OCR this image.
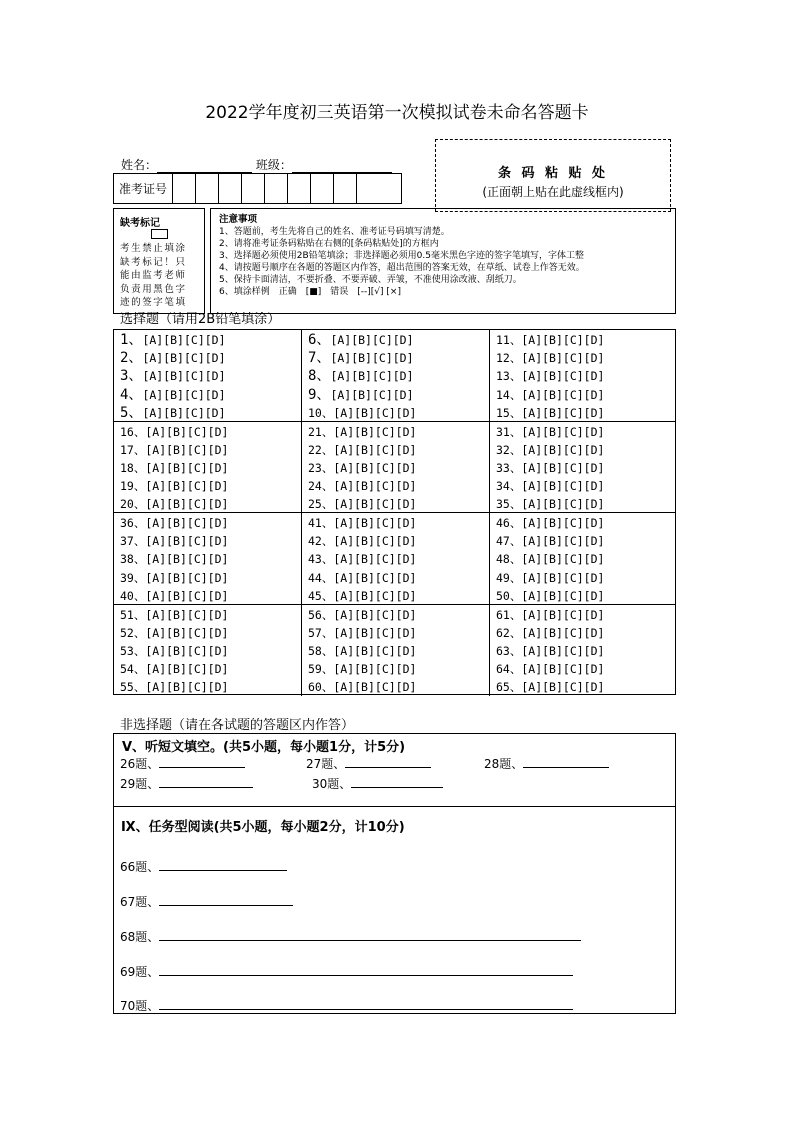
2022学年度初三英语第一次模拟试卷未命名答题卡
姓名：	班级：
准考证号
条 码 粘 贴 处
(正面朝上贴在此虚线框内)
缺考标记
考生禁止填涂
缺考标记！只
能由监考老师
负责用黑色字
迹的签字笔填
注意事项
1、答题前，考生先将自己的姓名、准考证号码填写清楚。
2、请将准考证条码粘贴在右侧的[条码粘贴处]的方框内
3、选择题必须使用2B铅笔填涂；非选择题必须用0.5毫米黑色字迹的签字笔填写，字体工整
4、请按题号顺序在各题的答题区内作答，超出范围的答案无效，在草纸、试卷上作答无效。
5、保持卡面清洁，不要折叠、不要弄破、弄皱，不准使用涂改液、刮纸刀。
6、填涂样例　正确　[■]　错误　[--][√] [×]
选择题（请用2B铅笔填涂）
1、[A][B][C][D]
2、[A][B][C][D]
3、[A][B][C][D]
4、[A][B][C][D]
5、[A][B][C][D]
6、[A][B][C][D]
7、[A][B][C][D]
8、[A][B][C][D]
9、[A][B][C][D]
10、[A][B][C][D]
11、[A][B][C][D]
12、[A][B][C][D]
13、[A][B][C][D]
14、[A][B][C][D]
15、[A][B][C][D]
16、[A][B][C][D]
17、[A][B][C][D]
18、[A][B][C][D]
19、[A][B][C][D]
20、[A][B][C][D]
21、[A][B][C][D]
22、[A][B][C][D]
23、[A][B][C][D]
24、[A][B][C][D]
25、[A][B][C][D]
31、[A][B][C][D]
32、[A][B][C][D]
33、[A][B][C][D]
34、[A][B][C][D]
35、[A][B][C][D]
36、[A][B][C][D]
37、[A][B][C][D]
38、[A][B][C][D]
39、[A][B][C][D]
40、[A][B][C][D]
41、[A][B][C][D]
42、[A][B][C][D]
43、[A][B][C][D]
44、[A][B][C][D]
45、[A][B][C][D]
46、[A][B][C][D]
47、[A][B][C][D]
48、[A][B][C][D]
49、[A][B][C][D]
50、[A][B][C][D]
51、[A][B][C][D]
52、[A][B][C][D]
53、[A][B][C][D]
54、[A][B][C][D]
55、[A][B][C][D]
56、[A][B][C][D]
57、[A][B][C][D]
58、[A][B][C][D]
59、[A][B][C][D]
60、[A][B][C][D]
61、[A][B][C][D]
62、[A][B][C][D]
63、[A][B][C][D]
64、[A][B][C][D]
65、[A][B][C][D]
非选择题（请在各试题的答题区内作答）
V、听短文填空。(共5小题，每小题1分，计5分)
26题、	27题、	28题、
29题、	30题、
Ⅸ、任务型阅读(共5小题，每小题2分，计10分)
66题、
67题、
68题、
69题、
70题、
